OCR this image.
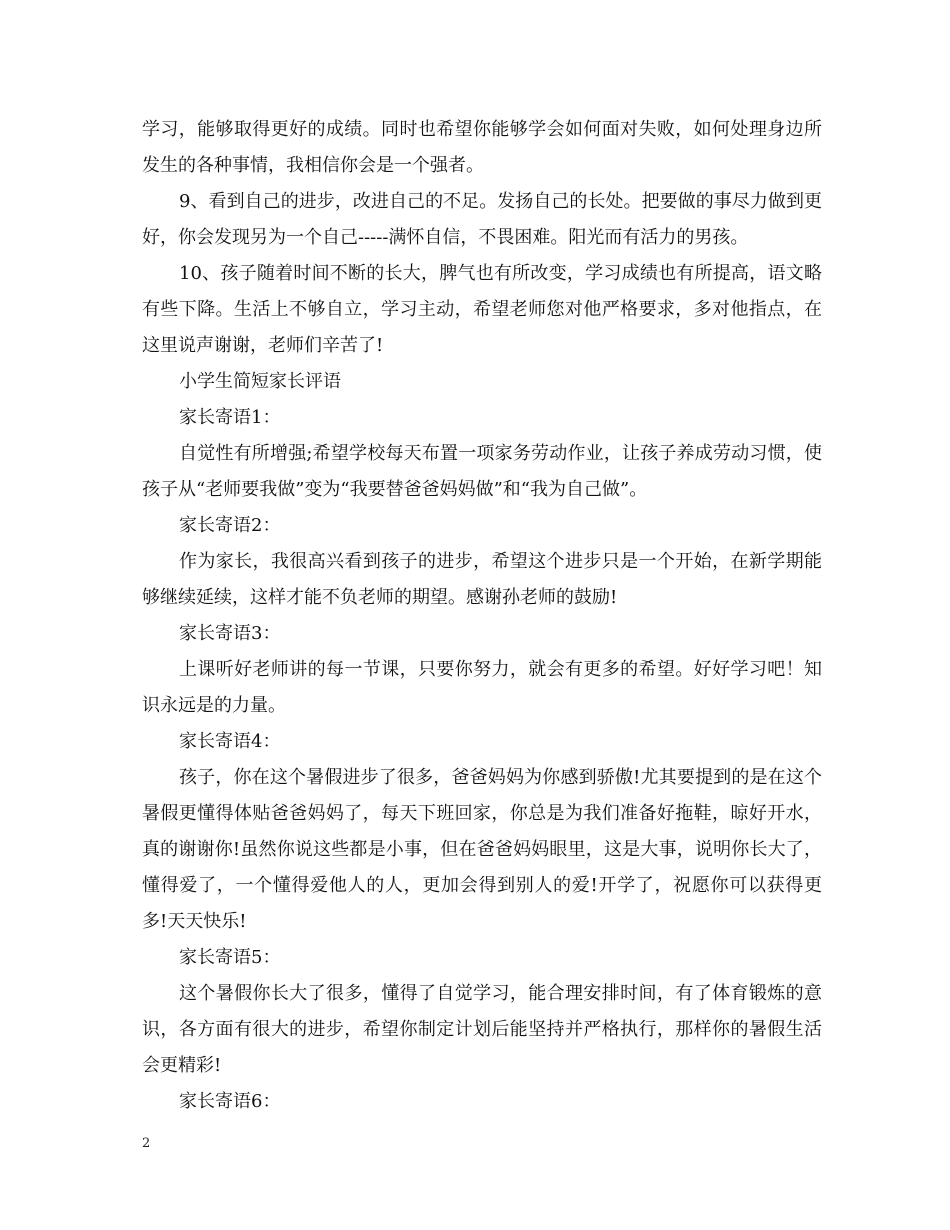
学习，能够取得更好的成绩。同时也希望你能够学会如何面对失败，如何处理身边所发生的各种事情，我相信你会是一个强者。

9、看到自己的进步，改进自己的不足。发扬自己的长处。把要做的事尽力做到更好，你会发现另为一个自己-----满怀自信，不畏困难。阳光而有活力的男孩。

10、孩子随着时间不断的长大，脾气也有所改变，学习成绩也有所提高，语文略有些下降。生活上不够自立，学习主动，希望老师您对他严格要求，多对他指点，在这里说声谢谢，老师们辛苦了!

小学生简短家长评语

家长寄语1：

自觉性有所增强;希望学校每天布置一项家务劳动作业，让孩子养成劳动习惯，使孩子从“老师要我做”变为“我要替爸爸妈妈做”和“我为自己做”。

家长寄语2：

作为家长，我很高兴看到孩子的进步，希望这个进步只是一个开始，在新学期能够继续延续，这样才能不负老师的期望。感谢孙老师的鼓励!

家长寄语3：

上课听好老师讲的每一节课，只要你努力，就会有更多的希望。好好学习吧！知识永远是的力量。

家长寄语4：

孩子，你在这个暑假进步了很多，爸爸妈妈为你感到骄傲!尤其要提到的是在这个暑假更懂得体贴爸爸妈妈了，每天下班回家，你总是为我们准备好拖鞋，晾好开水，真的谢谢你!虽然你说这些都是小事，但在爸爸妈妈眼里，这是大事，说明你长大了，懂得爱了，一个懂得爱他人的人，更加会得到别人的爱!开学了，祝愿你可以获得更多!天天快乐!

家长寄语5：

这个暑假你长大了很多，懂得了自觉学习，能合理安排时间，有了体育锻炼的意识，各方面有很大的进步，希望你制定计划后能坚持并严格执行，那样你的暑假生活会更精彩!

家长寄语6：

2
